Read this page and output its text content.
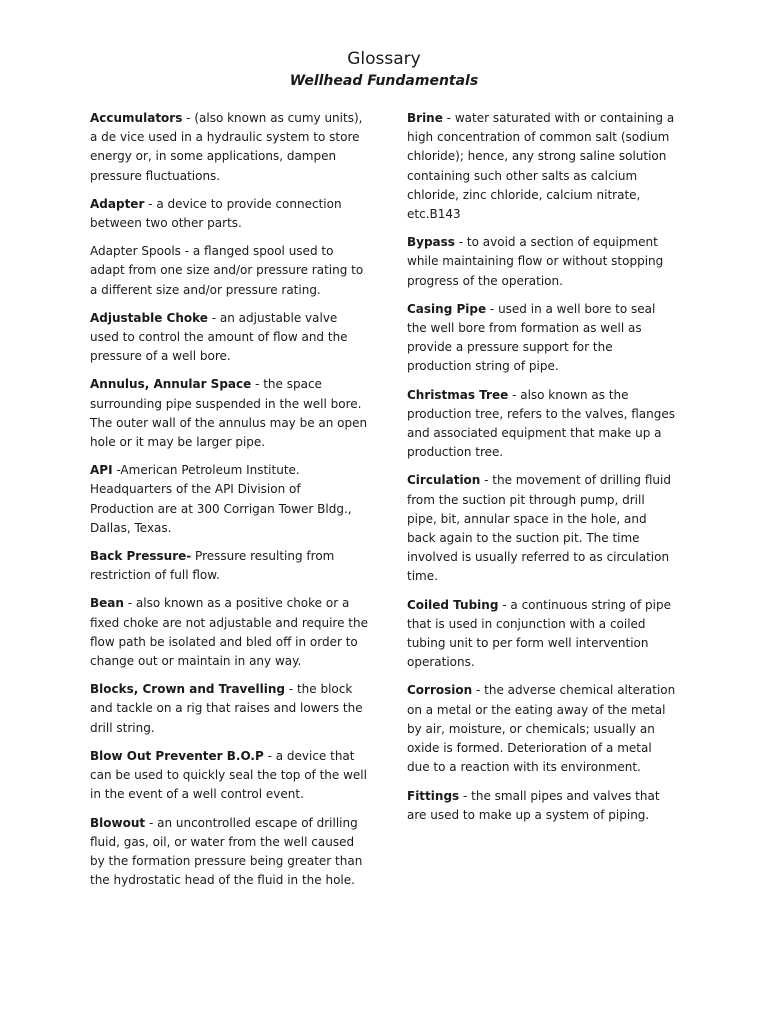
Glossary
Wellhead Fundamentals

Accumulators - (also known as cumy units), a de vice used in a hydraulic system to store energy or, in some applications, dampen pressure fluctuations.

Adapter - a device to provide connection between two other parts.

Adapter Spools - a flanged spool used to adapt from one size and/or pressure rating to a different size and/or pressure rating.

Adjustable Choke - an adjustable valve used to control the amount of flow and the pressure of a well bore.

Annulus, Annular Space - the space surrounding pipe suspended in the well bore. The outer wall of the annulus may be an open hole or it may be larger pipe.

API -American Petroleum Institute. Headquarters of the API Division of Production are at 300 Corrigan Tower Bldg., Dallas, Texas.

Back Pressure- Pressure resulting from restriction of full flow.

Bean - also known as a positive choke or a fixed choke are not adjustable and require the flow path be isolated and bled off in order to change out or maintain in any way.

Blocks, Crown and Travelling - the block and tackle on a rig that raises and lowers the drill string.

Blow Out Preventer B.O.P - a device that can be used to quickly seal the top of the well in the event of a well control event.

Blowout - an uncontrolled escape of drilling fluid, gas, oil, or water from the well caused by the formation pressure being greater than the hydrostatic head of the fluid in the hole.

Brine - water saturated with or containing a high concentration of common salt (sodium chloride); hence, any strong saline solution containing such other salts as calcium chloride, zinc chloride, calcium nitrate, etc.B143

Bypass - to avoid a section of equipment while maintaining flow or without stopping progress of the operation.

Casing Pipe - used in a well bore to seal the well bore from formation as well as provide a pressure support for the production string of pipe.

Christmas Tree - also known as the production tree, refers to the valves, flanges and associated equipment that make up a production tree.

Circulation - the movement of drilling fluid from the suction pit through pump, drill pipe, bit, annular space in the hole, and back again to the suction pit. The time involved is usually referred to as circulation time.

Coiled Tubing - a continuous string of pipe that is used in conjunction with a coiled tubing unit to per form well intervention operations.

Corrosion - the adverse chemical alteration on a metal or the eating away of the metal by air, moisture, or chemicals; usually an oxide is formed. Deterioration of a metal due to a reaction with its environment.

Fittings - the small pipes and valves that are used to make up a system of piping.
